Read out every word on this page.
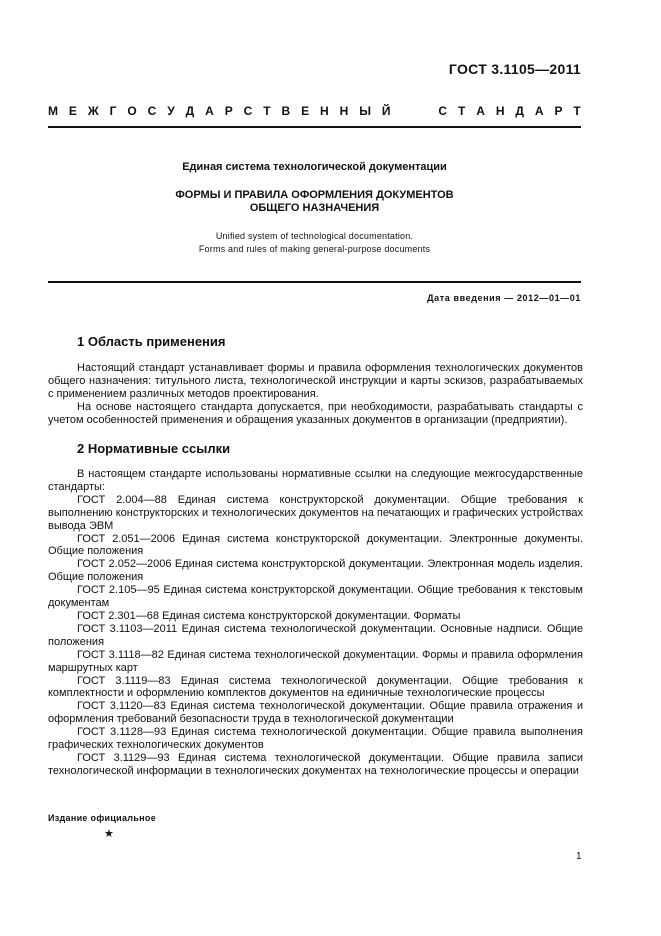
ГОСТ 3.1105—2011
М Е Ж Г О С У Д А Р С Т В Е Н Н Ы Й	С Т А Н Д А Р Т
Единая система технологической документации
ФОРМЫ И ПРАВИЛА ОФОРМЛЕНИЯ ДОКУМЕНТОВ
ОБЩЕГО НАЗНАЧЕНИЯ
Unified system of technological documentation.
Forms and rules of making general-purpose documents
Дата введения — 2012—01—01
1 Область применения

Настоящий стандарт устанавливает формы и правила оформления технологических документов общего назначения: титульного листа, технологической инструкции и карты эскизов, разрабатываемых с применением различных методов проектирования.

На основе настоящего стандарта допускается, при необходимости, разрабатывать стандарты с учетом особенностей применения и обращения указанных документов в организации (предприятии).

2 Нормативные ссылки

В настоящем стандарте использованы нормативные ссылки на следующие межгосударственные стандарты:

ГОСТ 2.004—88 Единая система конструкторской документации. Общие требования к выполнению конструкторских и технологических документов на печатающих и графических устройствах вывода ЭВМ

ГОСТ 2.051—2006 Единая система конструкторской документации. Электронные документы. Общие положения

ГОСТ 2.052—2006 Единая система конструкторской документации. Электронная модель изделия. Общие положения

ГОСТ 2.105—95 Единая система конструкторской документации. Общие требования к текстовым документам

ГОСТ 2.301—68 Единая система конструкторской документации. Форматы

ГОСТ 3.1103—2011 Единая система технологической документации. Основные надписи. Общие положения

ГОСТ 3.1118—82 Единая система технологической документации. Формы и правила оформления маршрутных карт

ГОСТ 3.1119—83 Единая система технологической документации. Общие требования к комплектности и оформлению комплектов документов на единичные технологические процессы

ГОСТ 3.1120—83 Единая система технологической документации. Общие правила отражения и оформления требований безопасности труда в технологической документации

ГОСТ 3.1128—93 Единая система технологической документации. Общие правила выполнения графических технологических документов

ГОСТ 3.1129—93 Единая система технологической документации. Общие правила записи технологической информации в технологических документах на технологические процессы и операции

Издание официальное
★
1
